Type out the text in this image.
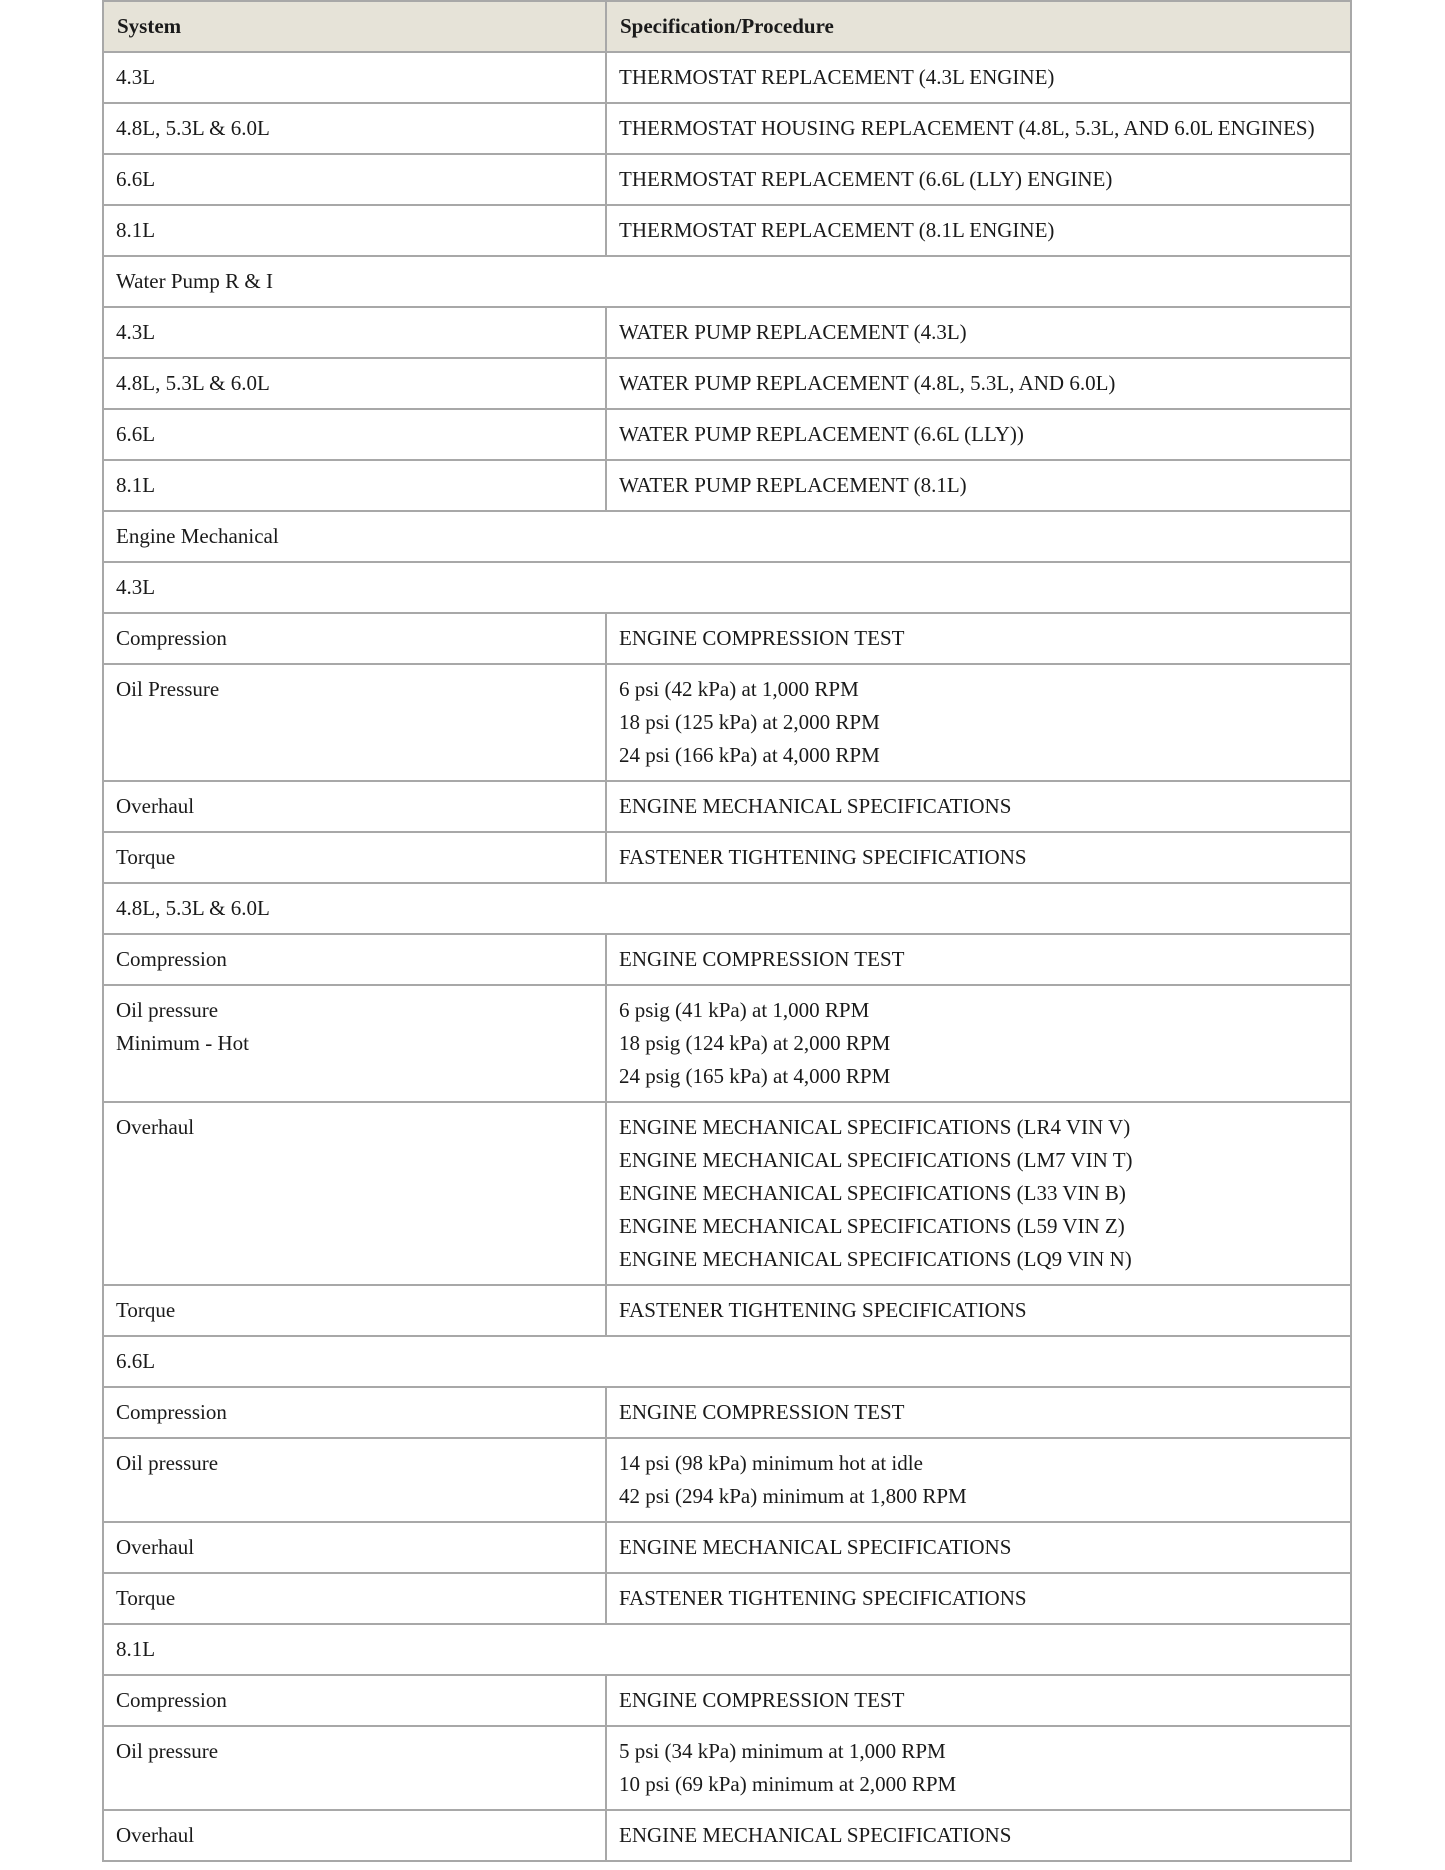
System	Specification/Procedure

4.3L	THERMOSTAT REPLACEMENT (4.3L ENGINE)

4.8L, 5.3L & 6.0L	THERMOSTAT HOUSING REPLACEMENT (4.8L, 5.3L, AND 6.0L ENGINES)

6.6L	THERMOSTAT REPLACEMENT (6.6L (LLY) ENGINE)

8.1L	THERMOSTAT REPLACEMENT (8.1L ENGINE)

Water Pump R & I	

4.3L	WATER PUMP REPLACEMENT (4.3L)

4.8L, 5.3L & 6.0L	WATER PUMP REPLACEMENT (4.8L, 5.3L, AND 6.0L)

6.6L	WATER PUMP REPLACEMENT (6.6L (LLY))

8.1L	WATER PUMP REPLACEMENT (8.1L)

Engine Mechanical	

4.3L	

Compression	ENGINE COMPRESSION TEST

Oil Pressure	6 psi (42 kPa) at 1,000 RPM
18 psi (125 kPa) at 2,000 RPM
24 psi (166 kPa) at 4,000 RPM

Overhaul	ENGINE MECHANICAL SPECIFICATIONS

Torque	FASTENER TIGHTENING SPECIFICATIONS

4.8L, 5.3L & 6.0L	

Compression	ENGINE COMPRESSION TEST

Oil pressure
Minimum - Hot	6 psig (41 kPa) at 1,000 RPM
18 psig (124 kPa) at 2,000 RPM
24 psig (165 kPa) at 4,000 RPM

Overhaul	ENGINE MECHANICAL SPECIFICATIONS (LR4 VIN V)
ENGINE MECHANICAL SPECIFICATIONS (LM7 VIN T)
ENGINE MECHANICAL SPECIFICATIONS (L33 VIN B)
ENGINE MECHANICAL SPECIFICATIONS (L59 VIN Z)
ENGINE MECHANICAL SPECIFICATIONS (LQ9 VIN N)

Torque	FASTENER TIGHTENING SPECIFICATIONS

6.6L	

Compression	ENGINE COMPRESSION TEST

Oil pressure	14 psi (98 kPa) minimum hot at idle
42 psi (294 kPa) minimum at 1,800 RPM

Overhaul	ENGINE MECHANICAL SPECIFICATIONS

Torque	FASTENER TIGHTENING SPECIFICATIONS

8.1L	

Compression	ENGINE COMPRESSION TEST

Oil pressure	5 psi (34 kPa) minimum at 1,000 RPM
10 psi (69 kPa) minimum at 2,000 RPM

Overhaul	ENGINE MECHANICAL SPECIFICATIONS
